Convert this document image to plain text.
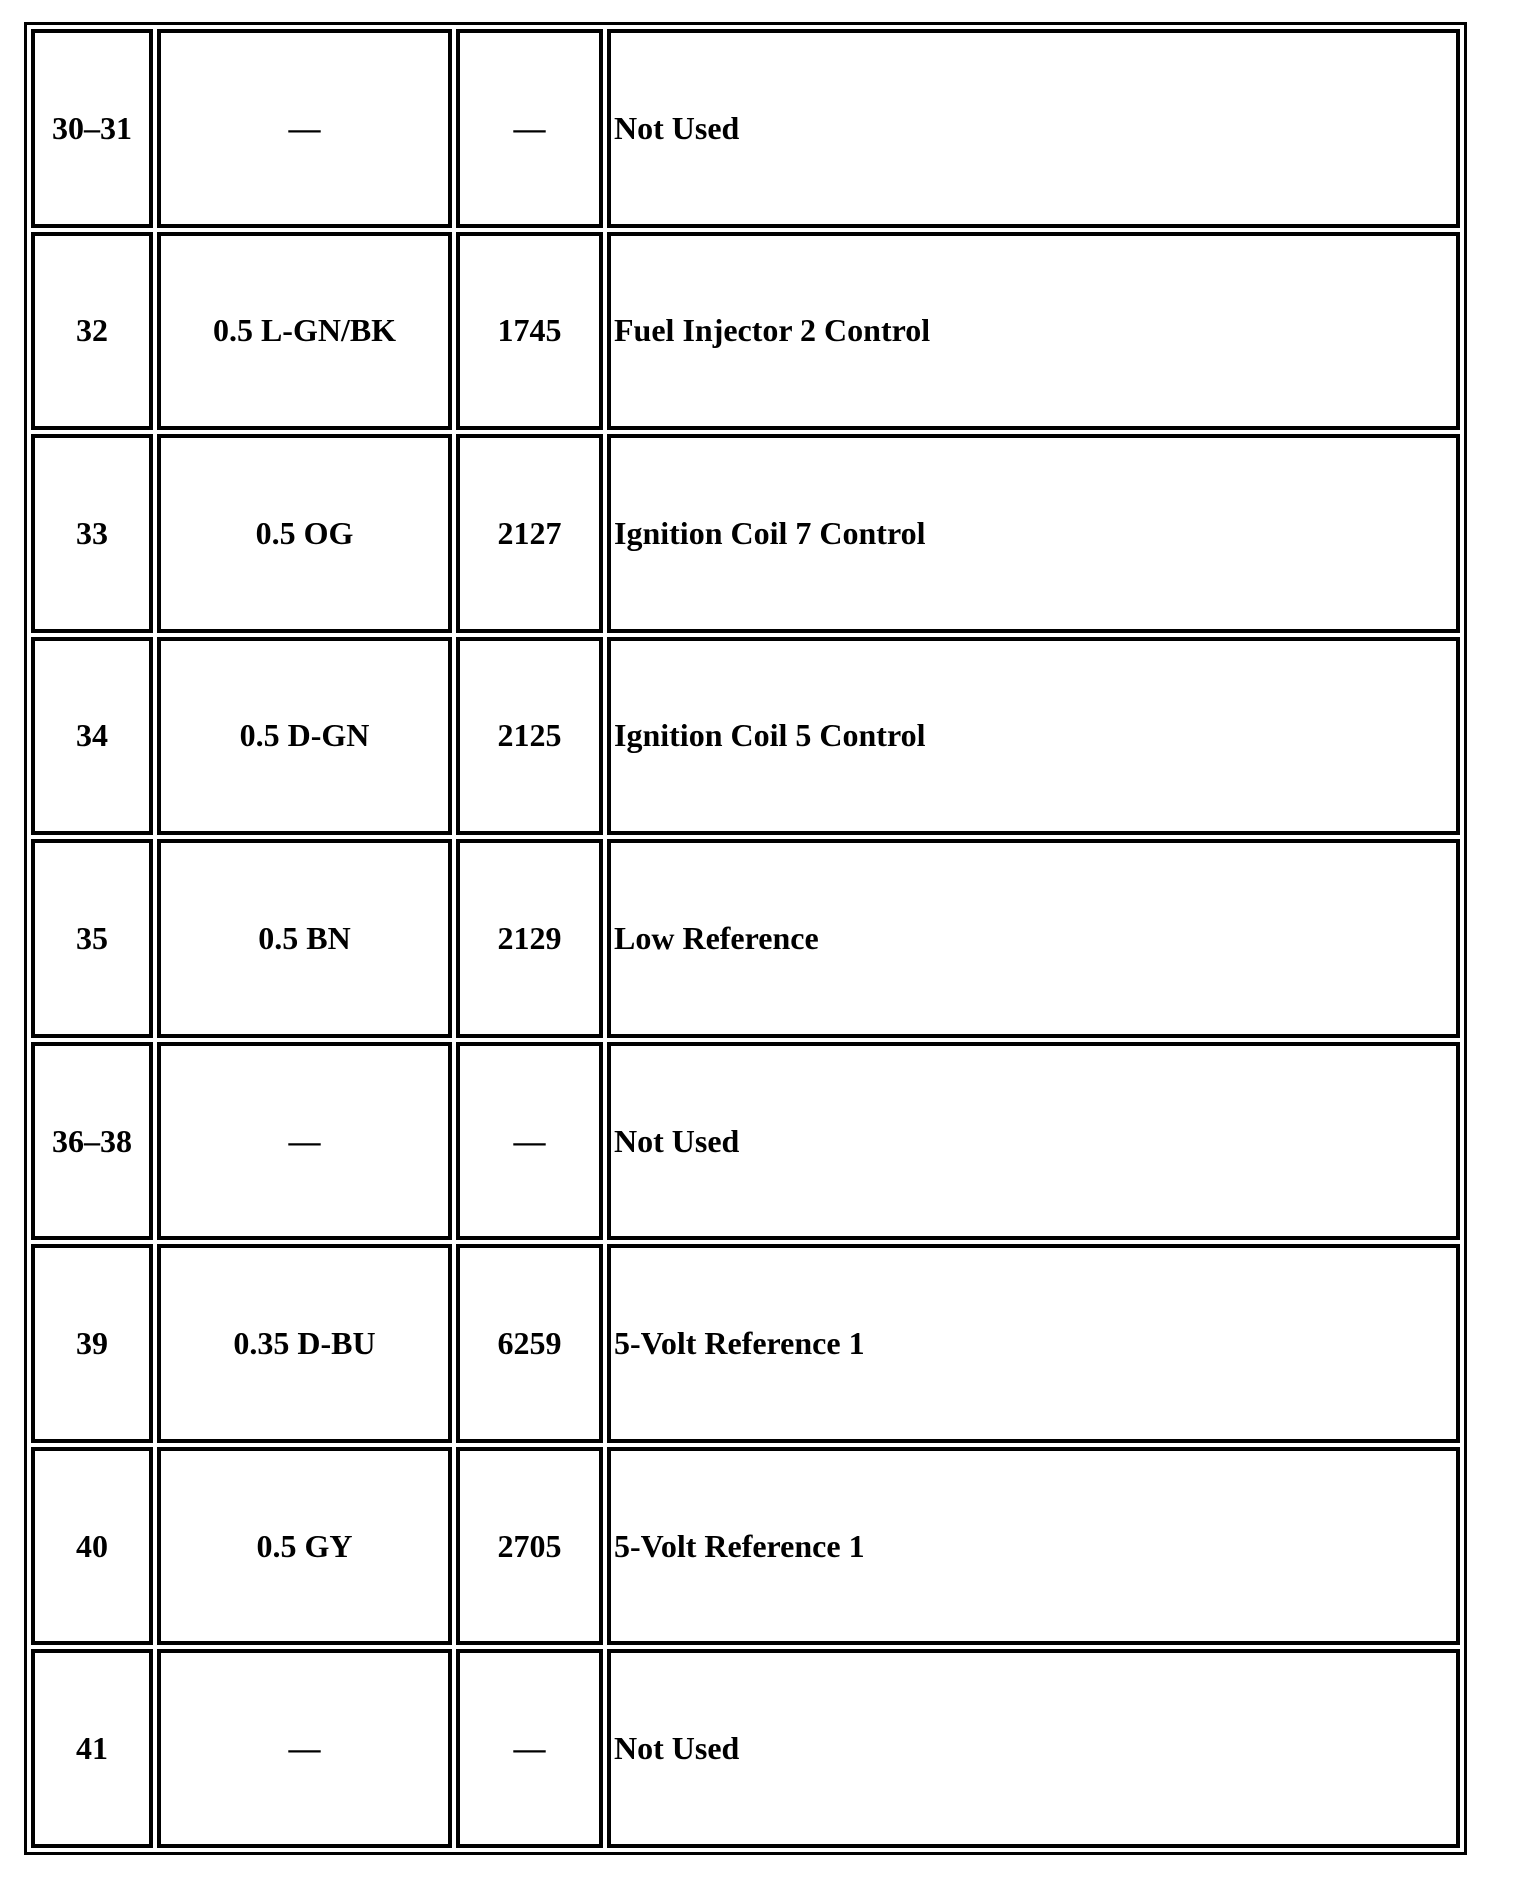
30–31	—	—	Not Used
32	0.5 L-GN/BK	1745	Fuel Injector 2 Control
33	0.5 OG	2127	Ignition Coil 7 Control
34	0.5 D-GN	2125	Ignition Coil 5 Control
35	0.5 BN	2129	Low Reference
36–38	—	—	Not Used
39	0.35 D-BU	6259	5-Volt Reference 1
40	0.5 GY	2705	5-Volt Reference 1
41	—	—	Not Used
